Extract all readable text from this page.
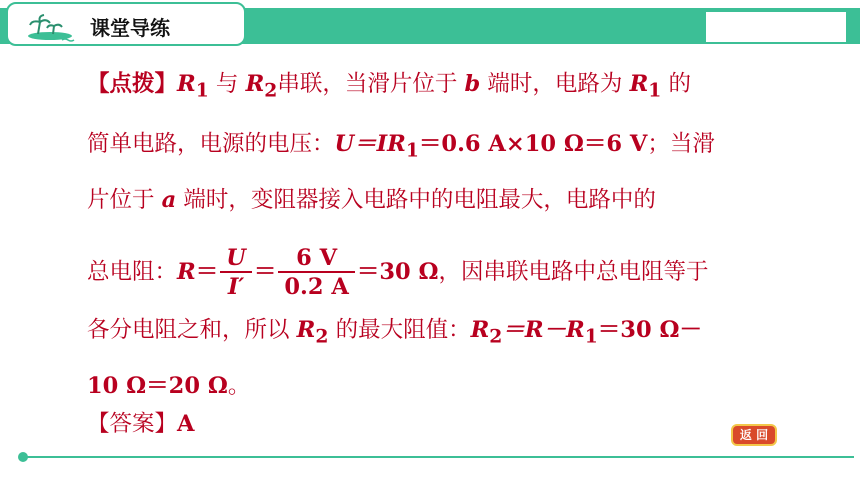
课堂导练
【点拨】$R_1$ 与 $R_2$串联，当滑片位于 b 端时，电路为 $R_1$ 的
简单电路，电源的电压：$U=IR_1=0.6$ A×10 Ω＝6 V；当滑
片位于 a 端时，变阻器接入电路中的电阻最大，电路中的
总电阻：$R= \frac{U}{I'} = \frac{6 V}{0.2 A} =30$ Ω，因串联电路中总电阻等于
各分电阻之和，所以 $R_2$ 的最大阻值：$R_2=R-R_1=30$ Ω－
10 Ω＝20 Ω。
【答案】A	返 回
